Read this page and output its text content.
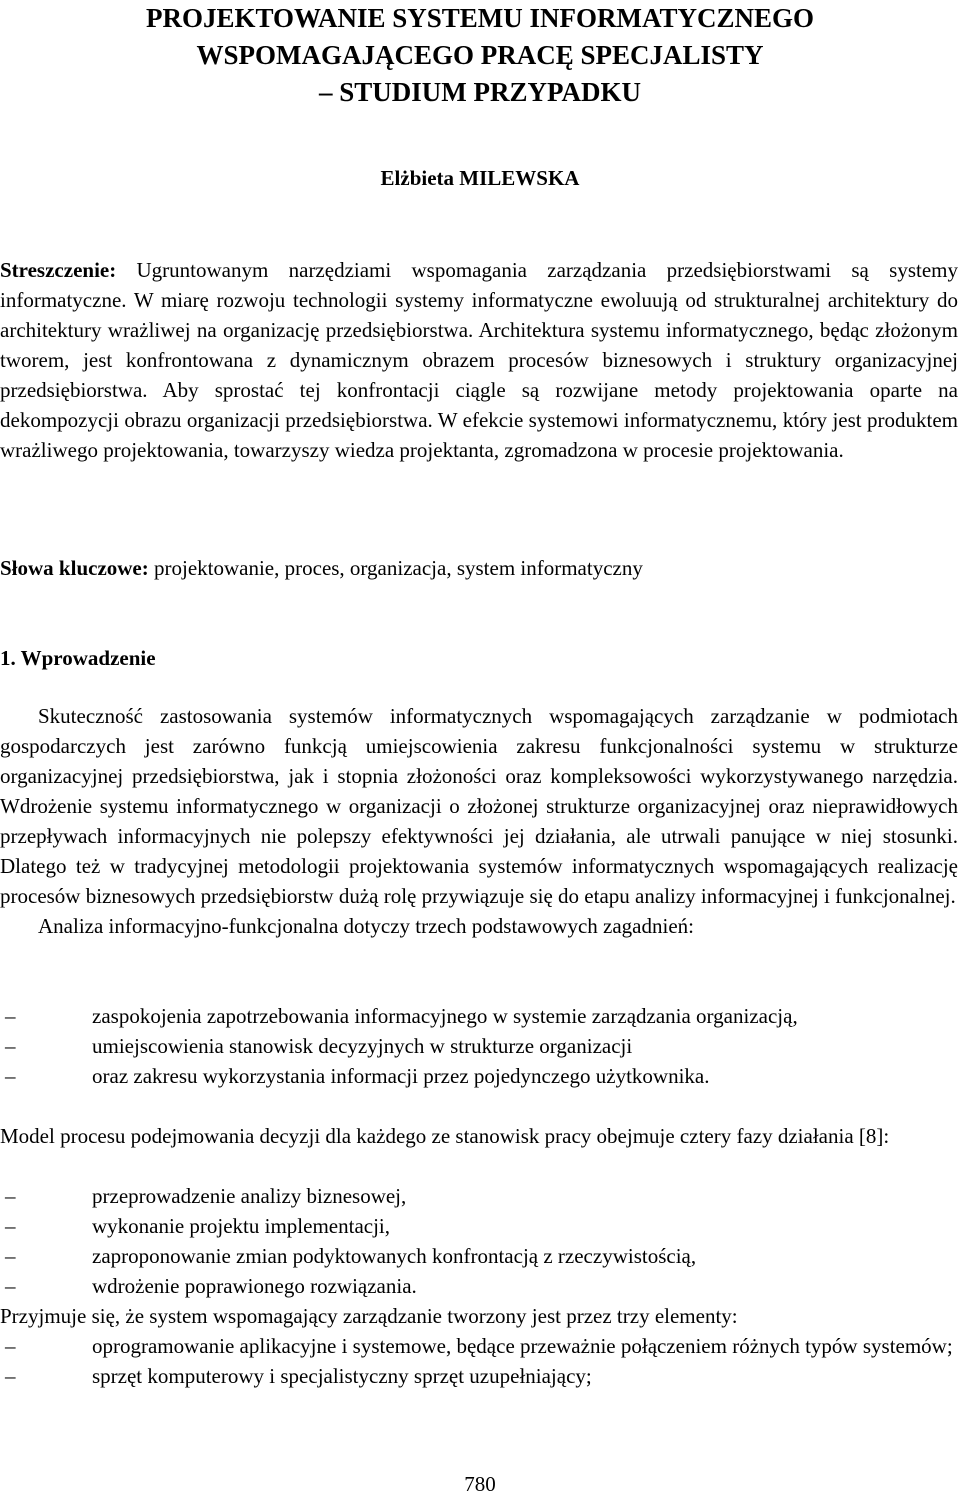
PROJEKTOWANIE SYSTEMU INFORMATYCZNEGO
WSPOMAGAJĄCEGO PRACĘ SPECJALISTY
– STUDIUM PRZYPADKU
Elżbieta MILEWSKA

Streszczenie: Ugruntowanym narzędziami wspomagania zarządzania przedsiębiorstwami są systemy informatyczne. W miarę rozwoju technologii systemy informatyczne ewoluują od strukturalnej architektury do architektury wrażliwej na organizację przedsiębiorstwa. Architektura systemu informatycznego, będąc złożonym tworem, jest konfrontowana z dynamicznym obrazem procesów biznesowych i struktury organizacyjnej przedsiębiorstwa. Aby sprostać tej konfrontacji ciągle są rozwijane metody projektowania oparte na dekompozycji obrazu organizacji przedsiębiorstwa. W efekcie systemowi informatycznemu, który jest produktem wrażliwego projektowania, towarzyszy wiedza projektanta, zgromadzona w procesie projektowania.

Słowa kluczowe: projektowanie, proces, organizacja, system informatyczny

1. Wprowadzenie
Skuteczność zastosowania systemów informatycznych wspomagających zarządzanie w podmiotach gospodarczych jest zarówno funkcją umiejscowienia zakresu funkcjonalności systemu w strukturze organizacyjnej przedsiębiorstwa, jak i stopnia złożoności oraz kompleksowości wykorzystywanego narzędzia. Wdrożenie systemu informatycznego w organizacji o złożonej strukturze organizacyjnej oraz nieprawidłowych przepływach informacyjnych nie polepszy efektywności jej działania, ale utrwali panujące w niej stosunki. Dlatego też w tradycyjnej metodologii projektowania systemów informatycznych wspomagających realizację procesów biznesowych przedsiębiorstw dużą rolę przywiązuje się do etapu analizy informacyjnej i funkcjonalnej.
Analiza informacyjno-funkcjonalna dotyczy trzech podstawowych zagadnień:
–	zaspokojenia zapotrzebowania informacyjnego w systemie zarządzania organizacją,
–	umiejscowienia stanowisk decyzyjnych w strukturze organizacji
–	oraz zakresu wykorzystania informacji przez pojedynczego użytkownika.
Model procesu podejmowania decyzji dla każdego ze stanowisk pracy obejmuje cztery fazy działania [8]:
–	przeprowadzenie analizy biznesowej,
–	wykonanie projektu implementacji,
–	zaproponowanie zmian podyktowanych konfrontacją z rzeczywistością,
–	wdrożenie poprawionego rozwiązania.
Przyjmuje się, że system wspomagający zarządzanie tworzony jest przez trzy elementy:
–	oprogramowanie aplikacyjne i systemowe, będące przeważnie połączeniem różnych typów systemów;
–	sprzęt komputerowy i specjalistyczny sprzęt uzupełniający;
780
